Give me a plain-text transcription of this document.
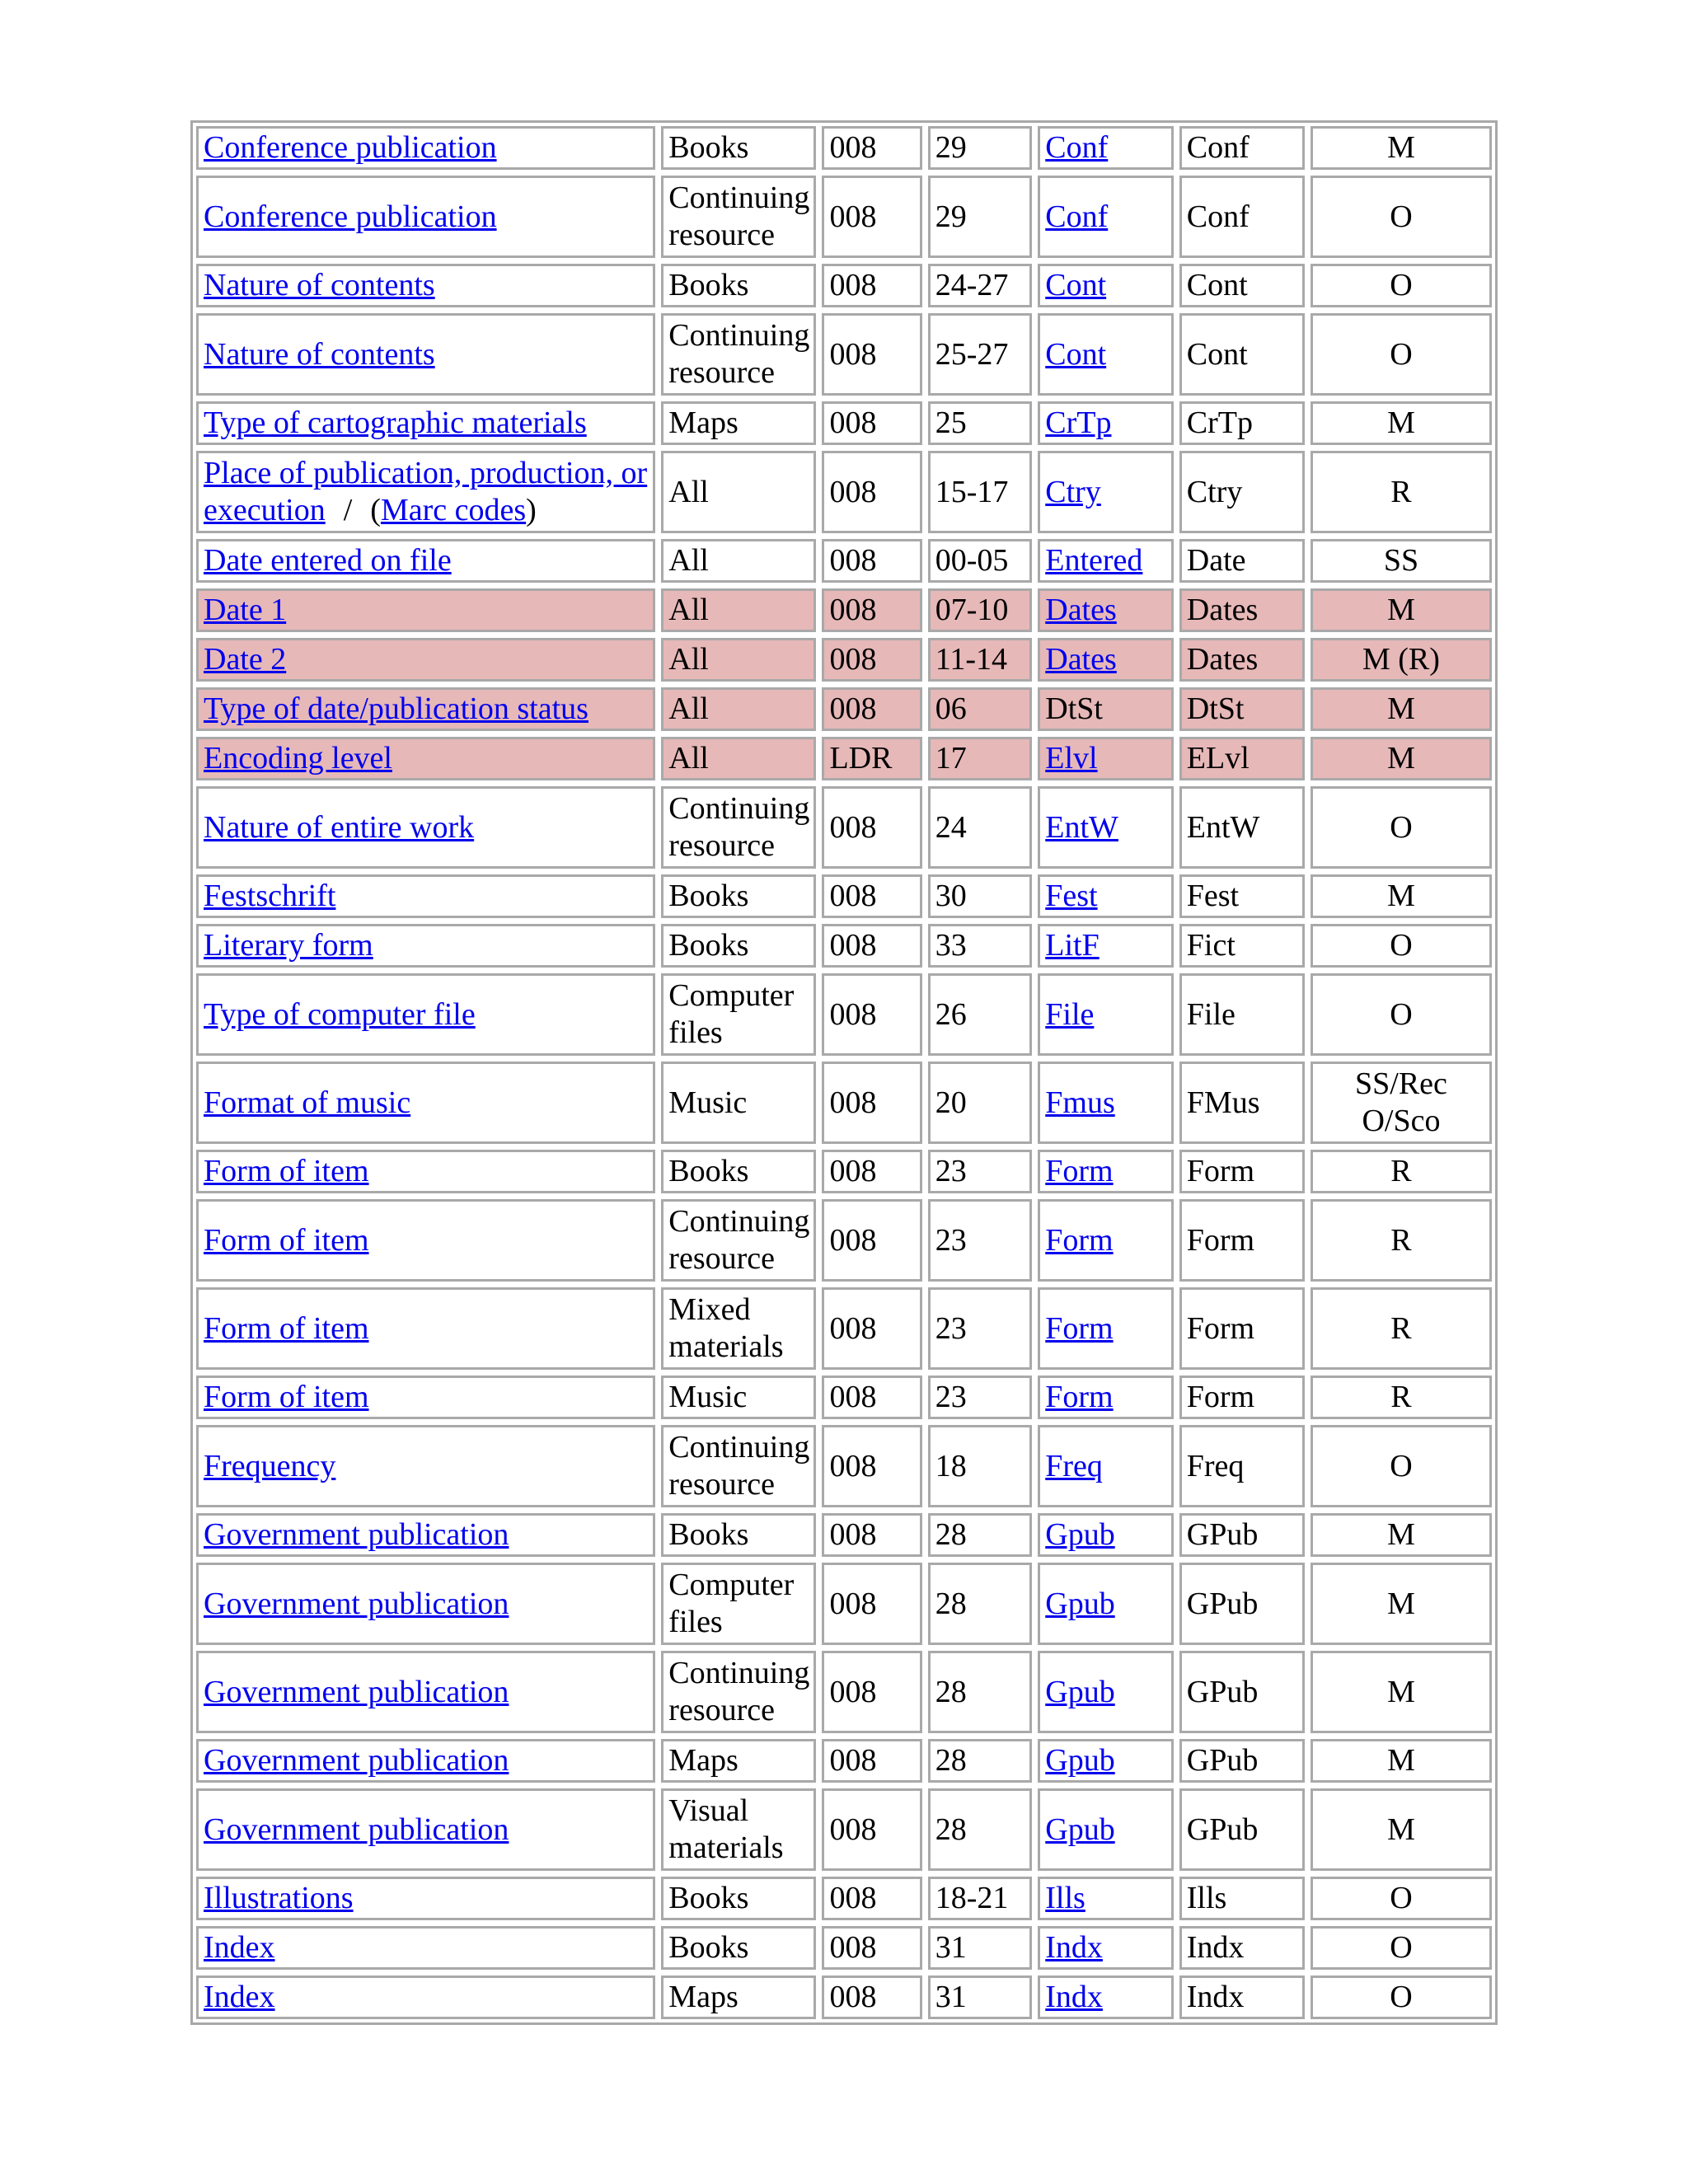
Conference publication	Books	008	29	Conf	Conf	M
Conference publication	Continuing resource	008	29	Conf	Conf	O
Nature of contents	Books	008	24-27	Cont	Cont	O
Nature of contents	Continuing resource	008	25-27	Cont	Cont	O
Type of cartographic materials	Maps	008	25	CrTp	CrTp	M
Place of publication, production, or execution / (Marc codes)	All	008	15-17	Ctry	Ctry	R
Date entered on file	All	008	00-05	Entered	Date	SS
Date 1	All	008	07-10	Dates	Dates	M
Date 2	All	008	11-14	Dates	Dates	M (R)
Type of date/publication status	All	008	06	DtSt	DtSt	M
Encoding level	All	LDR	17	Elvl	ELvl	M
Nature of entire work	Continuing resource	008	24	EntW	EntW	O
Festschrift	Books	008	30	Fest	Fest	M
Literary form	Books	008	33	LitF	Fict	O
Type of computer file	Computer files	008	26	File	File	O
Format of music	Music	008	20	Fmus	FMus	SS/Rec O/Sco
Form of item	Books	008	23	Form	Form	R
Form of item	Continuing resource	008	23	Form	Form	R
Form of item	Mixed materials	008	23	Form	Form	R
Form of item	Music	008	23	Form	Form	R
Frequency	Continuing resource	008	18	Freq	Freq	O
Government publication	Books	008	28	Gpub	GPub	M
Government publication	Computer files	008	28	Gpub	GPub	M
Government publication	Continuing resource	008	28	Gpub	GPub	M
Government publication	Maps	008	28	Gpub	GPub	M
Government publication	Visual materials	008	28	Gpub	GPub	M
Illustrations	Books	008	18-21	Ills	Ills	O
Index	Books	008	31	Indx	Indx	O
Index	Maps	008	31	Indx	Indx	O
